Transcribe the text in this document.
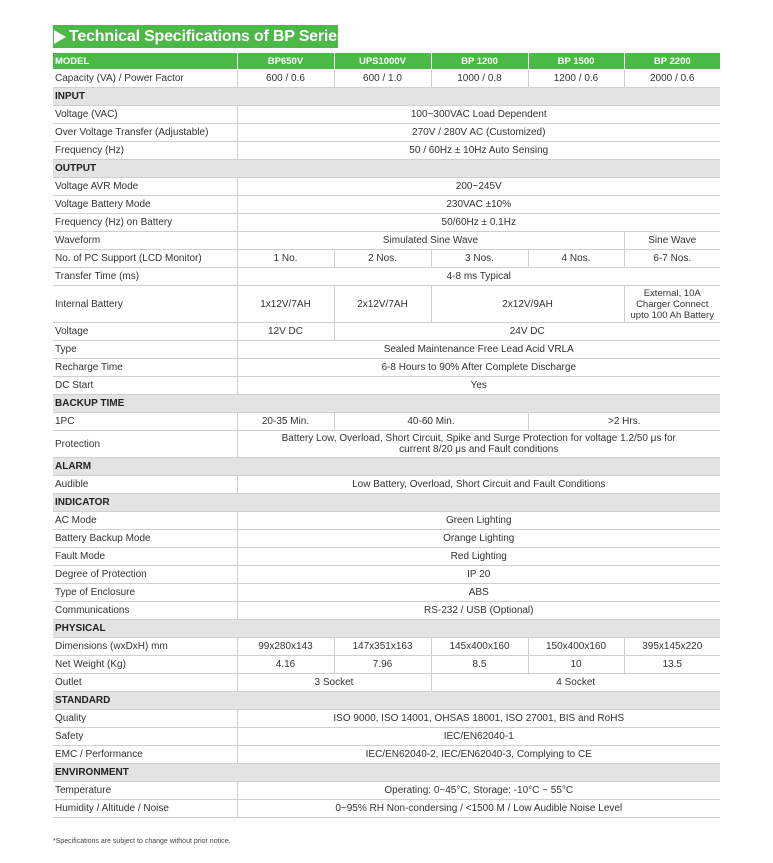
Technical Specifications of BP Series
MODEL	BP650V	UPS1000V	BP 1200	BP 1500	BP 2200
Capacity (VA) / Power Factor	600 / 0.6	600 / 1.0	1000 / 0.8	1200 / 0.6	2000 / 0.6
INPUT					
Voltage (VAC)	100~300VAC Load Dependent				
Over Voltage Transfer (Adjustable)	270V / 280V AC (Customized)				
Frequency (Hz)	50 / 60Hz ± 10Hz Auto Sensing				
OUTPUT					
Voltage AVR Mode	200~245V				
Voltage Battery Mode	230VAC ±10%				
Frequency (Hz) on Battery	50/60Hz ± 0.1Hz				
Waveform	Simulated Sine Wave				Sine Wave
No. of PC Support (LCD Monitor)	1 No.	2 Nos.	3 Nos.	4 Nos.	6-7 Nos.
Transfer Time (ms)	4-8 ms Typical				
Internal Battery	1x12V/7AH	2x12V/7AH	2x12V/9AH		External, 10A Charger Connect upto 100 Ah Battery
Voltage	12V DC	24V DC			
Type	Sealed Maintenance Free Lead Acid VRLA				
Recharge Time	6-8 Hours to 90% After Complete Discharge				
DC Start	Yes				
BACKUP TIME					
1PC	20-35 Min.	40-60 Min.		>2 Hrs.	
Protection	Battery Low, Overload, Short Circuit, Spike and Surge Protection for voltage 1.2/50 μs for current 8/20 μs and Fault conditions				
ALARM					
Audible	Low Battery, Overload, Short Circuit and Fault Conditions				
INDICATOR					
AC Mode	Green Lighting				
Battery Backup Mode	Orange Lighting				
Fault Mode	Red Lighting				
Degree of Protection	IP 20				
Type of Enclosure	ABS				
Communications	RS-232 / USB (Optional)				
PHYSICAL					
Dimensions (wxDxH) mm	99x280x143	147x351x163	145x400x160	150x400x160	395x145x220
Net Weight (Kg)	4.16	7.96	8.5	10	13.5
Outlet	3 Socket		4 Socket		
STANDARD					
Quality	ISO 9000, ISO 14001, OHSAS 18001, ISO 27001, BIS and RoHS				
Safety	IEC/EN62040-1				
EMC / Performance	IEC/EN62040-2, IEC/EN62040-3, Complying to CE				
ENVIRONMENT					
Temperature	Operating: 0~45°C, Storage: -10°C ~ 55°C				
Humidity / Altitude / Noise	0~95% RH Non-condersing / <1500 M / Low Audible Noise Level				
*Specifications are subject to change without prior notice.
